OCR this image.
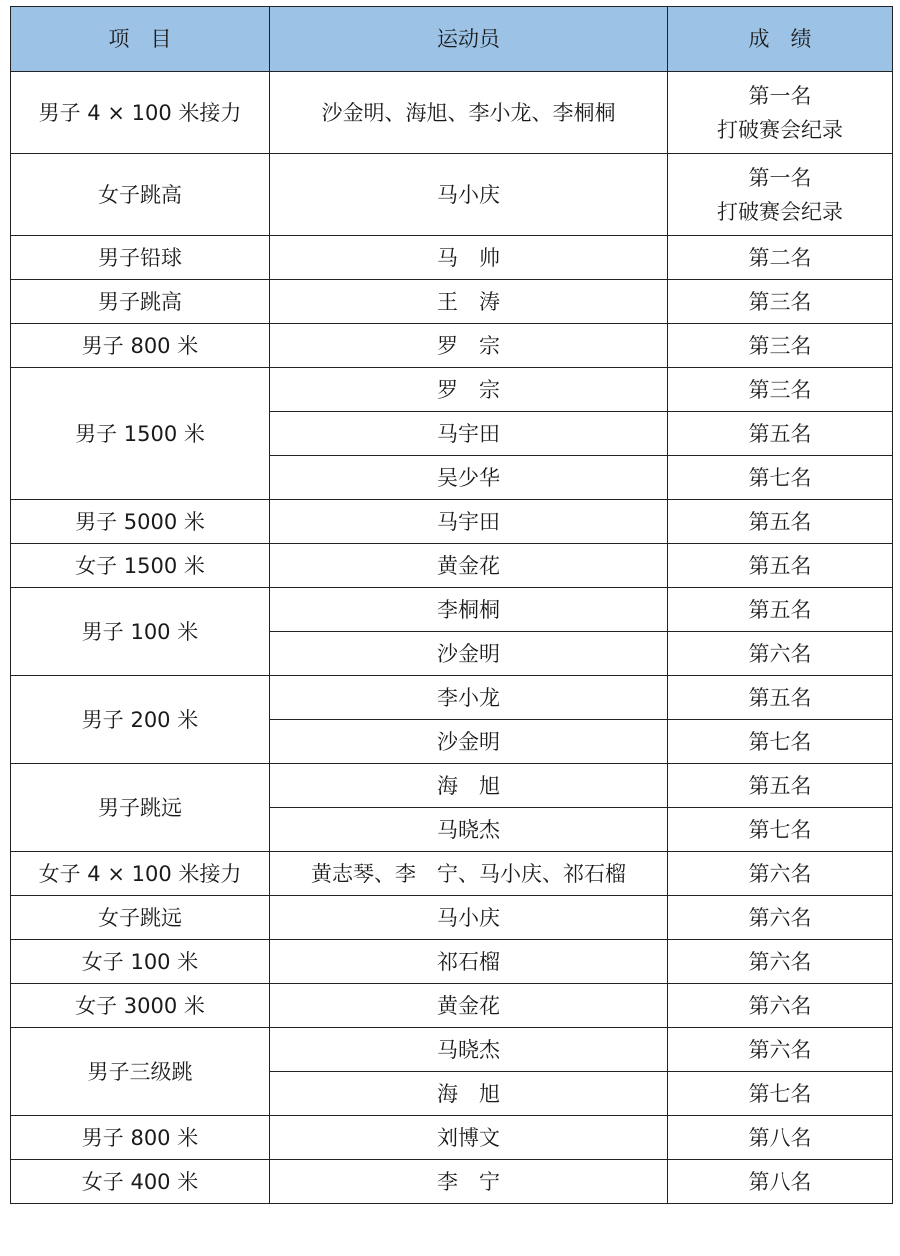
项　目	运动员	成　绩
男子 4 × 100 米接力	沙金明、海旭、李小龙、李桐桐	第一名
打破赛会纪录

女子跳高	马小庆	第一名
打破赛会纪录

男子铅球	马　帅	第二名

男子跳高	王　涛	第三名

男子 800 米	罗　宗	第三名

男子 1500 米	罗　宗	第三名
	马宇田	第五名
	吴少华	第七名
男子 5000 米	马宇田	第五名

女子 1500 米	黄金花	第五名

男子 100 米	李桐桐	第五名
	沙金明	第六名
男子 200 米	李小龙	第五名
	沙金明	第七名
男子跳远	海　旭	第五名
	马晓杰	第七名
女子 4 × 100 米接力	黄志琴、李　宁、马小庆、祁石榴	第六名

女子跳远	马小庆	第六名

女子 100 米	祁石榴	第六名

女子 3000 米	黄金花	第六名

男子三级跳	马晓杰	第六名
	海　旭	第七名
男子 800 米	刘博文	第八名

女子 400 米	李　宁	第八名
